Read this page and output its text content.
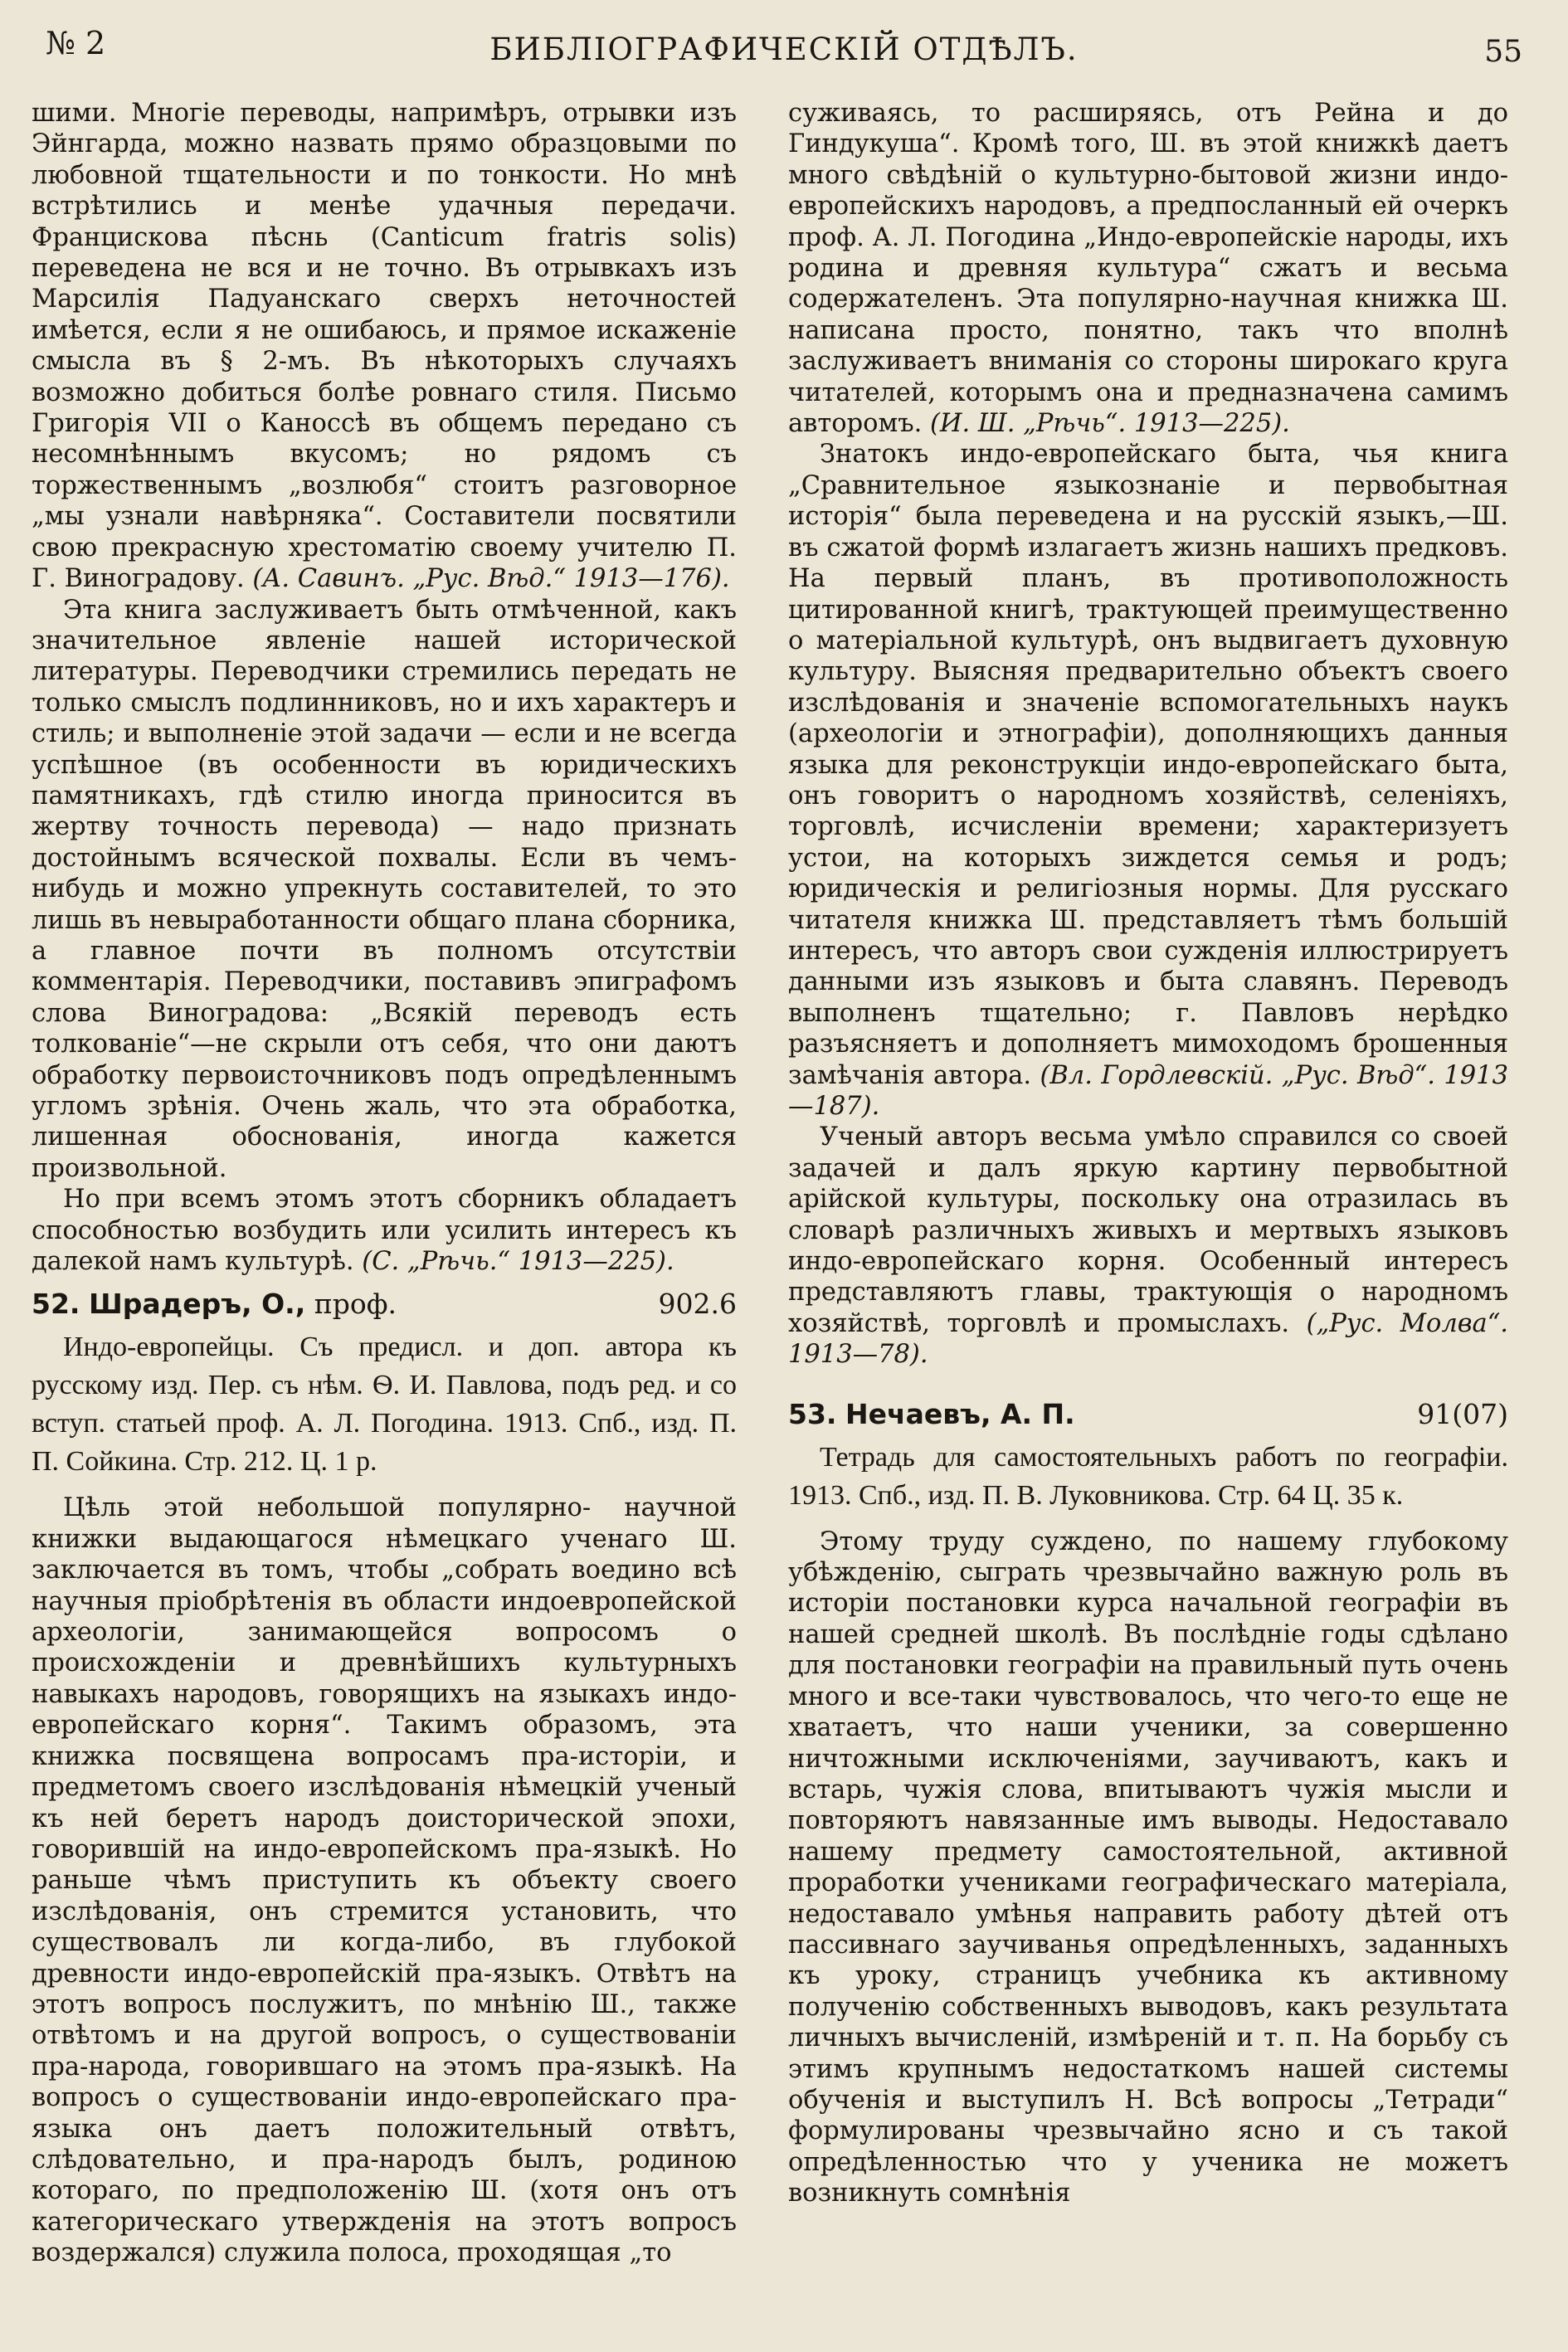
№ 2	БИБЛІОГРАФИЧЕСКІЙ ОТДѢЛЪ.	55

шими. Многіе переводы, напримѣръ, отрывки изъ Эйнгарда, можно назвать прямо образцовыми по любовной тщательности и по тонкости. Но мнѣ встрѣтились и менѣе удачныя передачи. Францискова пѣснь (Canticum fratris solis) переведена не вся и не точно. Въ отрывкахъ изъ Марсилія Падуанскаго сверхъ неточностей имѣется, если я не ошибаюсь, и прямое искаженіе смысла въ § 2-мъ. Въ нѣкоторыхъ случаяхъ возможно добиться болѣе ровнаго стиля. Письмо Григорія VII о Каноссѣ въ общемъ передано съ несомнѣннымъ вкусомъ; но рядомъ съ торжественнымъ „возлюбя“ стоитъ разговорное „мы узнали навѣрняка“. Составители посвятили свою прекрасную хрестоматію своему учителю П. Г. Виноградову. (А. Савинъ. „Рус. Вѣд.“ 1913—176).

Эта книга заслуживаетъ быть отмѣченной, какъ значительное явленіе нашей исторической литературы. Переводчики стремились передать не только смыслъ подлинниковъ, но и ихъ характеръ и стиль; и выполненіе этой задачи — если и не всегда успѣшное (въ особенности въ юридическихъ памятникахъ, гдѣ стилю иногда приносится въ жертву точность перевода) — надо признать достойнымъ всяческой похвалы. Если въ чемъ-нибудь и можно упрекнуть составителей, то это лишь въ невыработанности общаго плана сборника, а главное почти въ полномъ отсутствіи комментарія. Переводчики, поставивъ эпиграфомъ слова Виноградова: „Всякій переводъ есть толкованіе“—не скрыли отъ себя, что они даютъ обработку первоисточниковъ подъ опредѣленнымъ угломъ зрѣнія. Очень жаль, что эта обработка, лишенная обоснованія, иногда кажется произвольной.

Но при всемъ этомъ этотъ сборникъ обладаетъ способностью возбудить или усилить интересъ къ далекой намъ культурѣ. (С. „Рѣчь.“ 1913—225).

52. Шрадеръ, О., проф.	902.6

Индо-европейцы. Съ предисл. и доп. автора къ русскому изд. Пер. съ нѣм. Ѳ. И. Павлова, подъ ред. и со вступ. статьей проф. А. Л. Погодина. 1913. Спб., изд. П. П. Сойкина. Стр. 212. Ц. 1 р.

Цѣль этой небольшой популярно- научной книжки выдающагося нѣмецкаго ученаго Ш. заключается въ томъ, чтобы „собрать воедино всѣ научныя пріобрѣтенія въ области индоевропейской археологіи, занимающейся вопросомъ о происхожденіи и древнѣйшихъ культурныхъ навыкахъ народовъ, говорящихъ на языкахъ индо-европейскаго корня“. Такимъ образомъ, эта книжка посвящена вопросамъ пра-исторіи, и предметомъ своего изслѣдованія нѣмецкій ученый къ ней беретъ народъ доисторической эпохи, говорившій на индо-европейскомъ пра-языкѣ. Но раньше чѣмъ приступить къ объекту своего изслѣдованія, онъ стремится установить, что существовалъ ли когда-либо, въ глубокой древности индо-европейскій пра-языкъ. Отвѣтъ на этотъ вопросъ послужитъ, по мнѣнію Ш., также отвѣтомъ и на другой вопросъ, о существованіи пра-народа, говорившаго на этомъ пра-языкѣ. На вопросъ о существованіи индо-европейскаго пра-языка онъ даетъ положительный отвѣтъ, слѣдовательно, и пра-народъ былъ, родиною котораго, по предположенію Ш. (хотя онъ отъ категорическаго утвержденія на этотъ вопросъ воздержался) служила полоса, проходящая „то

суживаясь, то расширяясь, отъ Рейна и до Гиндукуша“. Кромѣ того, Ш. въ этой книжкѣ даетъ много свѣдѣній о культурно-бытовой жизни индо-европейскихъ народовъ, а предпосланный ей очеркъ проф. А. Л. Погодина „Индо-европейскіе народы, ихъ родина и древняя культура“ сжатъ и весьма содержателенъ. Эта популярно-научная книжка Ш. написана просто, понятно, такъ что вполнѣ заслуживаетъ вниманія со стороны широкаго круга читателей, которымъ она и предназначена самимъ авторомъ. (И. Ш. „Рѣчь“. 1913—225).

Знатокъ индо-европейскаго быта, чья книга „Сравнительное языкознаніе и первобытная исторія“ была переведена и на русскій языкъ,—Ш. въ сжатой формѣ излагаетъ жизнь нашихъ предковъ. На первый планъ, въ противоположность цитированной книгѣ, трактующей преимущественно о матеріальной культурѣ, онъ выдвигаетъ духовную культуру. Выясняя предварительно объектъ своего изслѣдованія и значеніе вспомогательныхъ наукъ (археологіи и этнографіи), дополняющихъ данныя языка для реконструкціи индо-европейскаго быта, онъ говоритъ о народномъ хозяйствѣ, селеніяхъ, торговлѣ, исчисленіи времени; характеризуетъ устои, на которыхъ зиждется семья и родъ; юридическія и религіозныя нормы. Для русскаго читателя книжка Ш. представляетъ тѣмъ большій интересъ, что авторъ свои сужденія иллюстрируетъ данными изъ языковъ и быта славянъ. Переводъ выполненъ тщательно; г. Павловъ нерѣдко разъясняетъ и дополняетъ мимоходомъ брошенныя замѣчанія автора. (Вл. Гордлевскій. „Рус. Вѣд“. 1913—187).

Ученый авторъ весьма умѣло справился со своей задачей и далъ яркую картину первобытной арійской культуры, поскольку она отразилась въ словарѣ различныхъ живыхъ и мертвыхъ языковъ индо-европейскаго корня. Особенный интересъ представляютъ главы, трактующія о народномъ хозяйствѣ, торговлѣ и промыслахъ. („Рус. Молва“. 1913—78).

53. Нечаевъ, А. П.	91(07)

Тетрадь для самостоятельныхъ работъ по географіи. 1913. Спб., изд. П. В. Луковникова. Стр. 64 Ц. 35 к.

Этому труду суждено, по нашему глубокому убѣжденію, сыграть чрезвычайно важную роль въ исторіи постановки курса начальной географіи въ нашей средней школѣ. Въ послѣдніе годы сдѣлано для постановки географіи на правильный путь очень много и все-таки чувствовалось, что чего-то еще не хватаетъ, что наши ученики, за совершенно ничтожными исключеніями, заучиваютъ, какъ и встарь, чужія слова, впитываютъ чужія мысли и повторяютъ навязанные имъ выводы. Недоставало нашему предмету самостоятельной, активной проработки учениками географическаго матеріала, недоставало умѣнья направить работу дѣтей отъ пассивнаго заучиванья опредѣленныхъ, заданныхъ къ уроку, страницъ учебника къ активному полученію собственныхъ выводовъ, какъ результата личныхъ вычисленій, измѣреній и т. п. На борьбу съ этимъ крупнымъ недостаткомъ нашей системы обученія и выступилъ Н. Всѣ вопросы „Тетради“ формулированы чрезвычайно ясно и съ такой опредѣленностью что у ученика не можетъ возникнуть сомнѣнія
